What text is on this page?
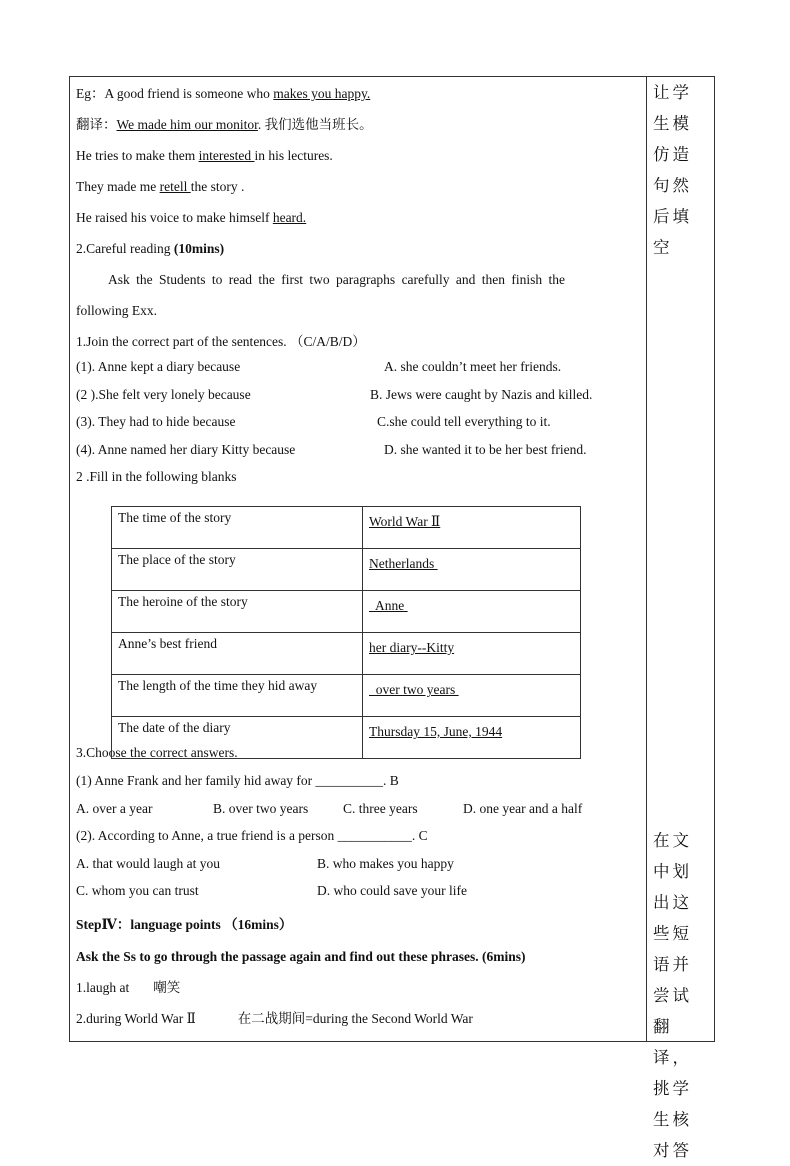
Eg：A good friend is someone who makes you happy.
翻译：We made him our monitor. 我们选他当班长。
He tries to make them interested in his lectures.
They made me retell the story .
He raised his voice to make himself heard.
2.Careful reading (10mins)
Ask the Students to read the first two paragraphs carefully and then finish the
following Exx.
1.Join the correct part of the sentences. （C/A/B/D）
(1). Anne kept a diary because	A. she couldn’t meet her friends.
(2 ).She felt very lonely because	B. Jews were caught by Nazis and killed.
(3). They had to hide because	C.she could tell everything to it.
(4). Anne named her diary Kitty because	D. she wanted it to be her best friend.
2 .Fill in the following blanks
3.Choose the correct answers.
(1) Anne Frank and her family hid away for __________. B
A. over a year	B. over two years	C. three years	D. one year and a half
(2). According to Anne, a true friend is a person ___________. C
A. that would laugh at you	B. who makes you happy
C. whom you can trust	D. who could save your life
StepⅣ：language points （16mins）
Ask the Ss to go through the passage again and find out these phrases. (6mins)
1.laugh at 嘲笑
2.during World War Ⅱ	在二战期间=during the Second World War
The time of the story	World War Ⅱ
The place of the story	Netherlands
The heroine of the story	Anne
Anne’s best friend	her diary--Kitty
The length of the time they hid away	over two years
The date of the diary	Thursday 15, June, 1944
让学生模仿造句然后填空
在文中划出这些短语并尝试翻译，挑学生核对答
